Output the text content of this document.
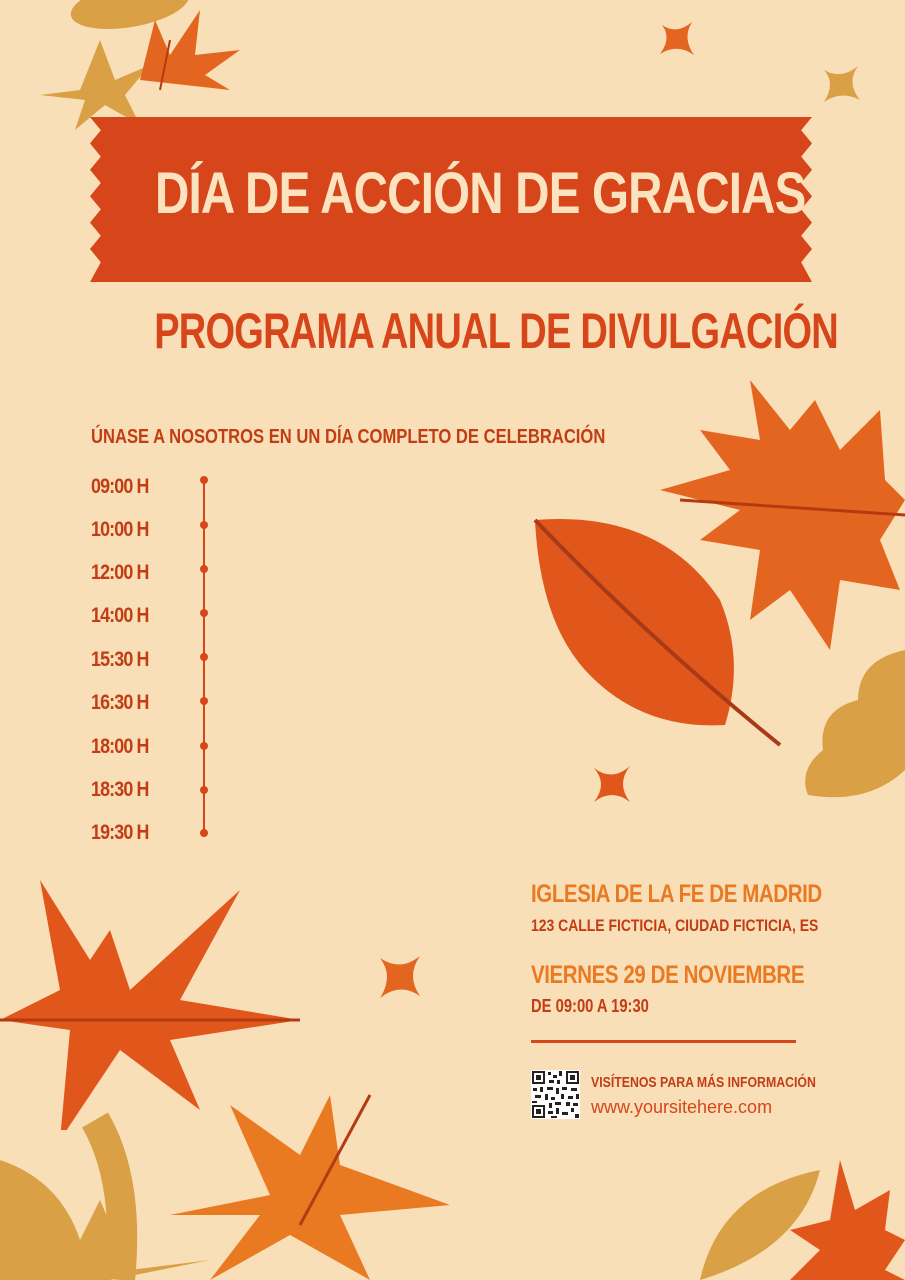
DÍA DE ACCIÓN DE GRACIAS
PROGRAMA ANUAL DE DIVULGACIÓN
ÚNASE A NOSOTROS EN UN DÍA COMPLETO DE CELEBRACIÓN
09:00 H
10:00 H
12:00 H
14:00 H
15:30 H
16:30 H
18:00 H
18:30 H
19:30 H
IGLESIA DE LA FE DE MADRID
123 CALLE FICTICIA, CIUDAD FICTICIA, ES
VIERNES 29 DE NOVIEMBRE
DE 09:00 A 19:30
VISÍTENOS PARA MÁS INFORMACIÓN
www.yoursitehere.com
